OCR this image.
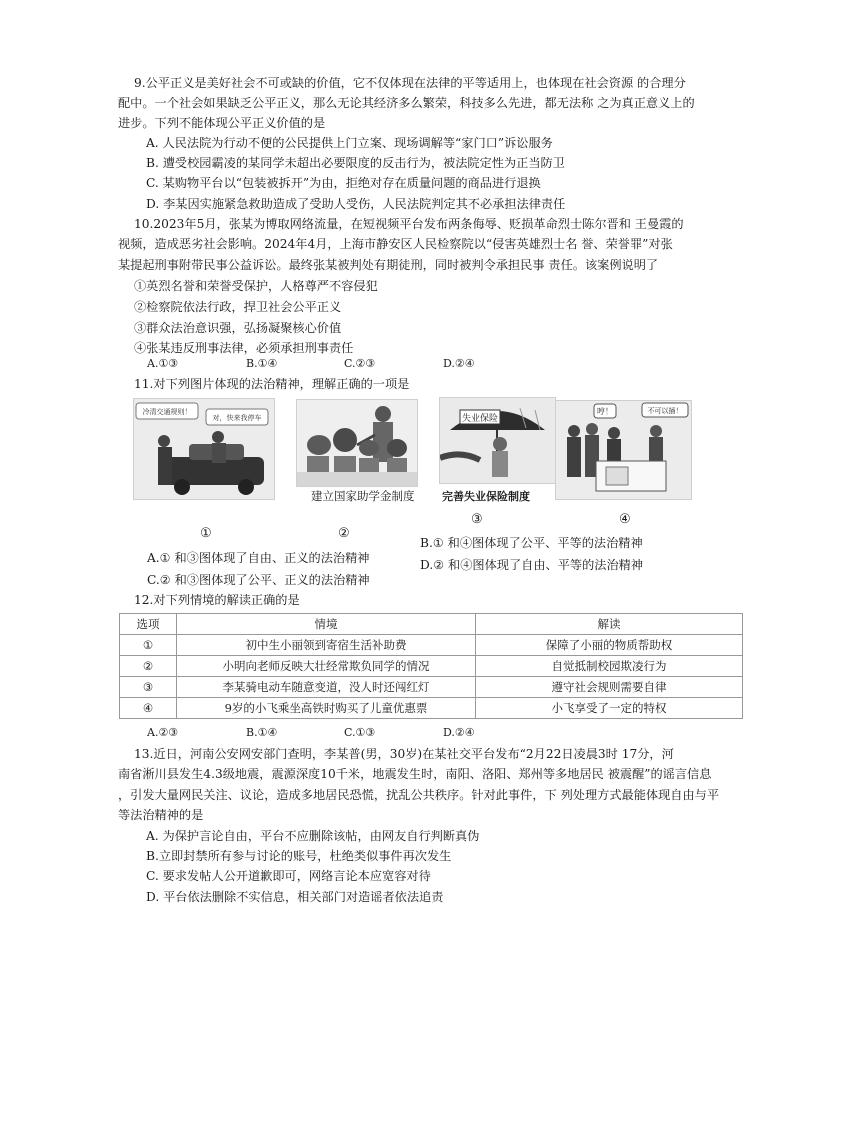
9.公平正义是美好社会不可或缺的价值，它不仅体现在法律的平等适用上，也体现在社会资源 的合理分
配中。一个社会如果缺乏公平正义，那么无论其经济多么繁荣，科技多么先进，都无法称 之为真正意义上的
进步。下列不能体现公平正义价值的是
A. 人民法院为行动不便的公民提供上门立案、现场调解等“家门口”诉讼服务
B. 遭受校园霸凌的某同学未超出必要限度的反击行为，被法院定性为正当防卫
C. 某购物平台以“包装被拆开”为由，拒绝对存在质量问题的商品进行退换
D. 李某因实施紧急救助造成了受助人受伤，人民法院判定其不必承担法律责任
10.2023年5月，张某为博取网络流量，在短视频平台发布两条侮辱、贬损革命烈士陈尔晋和 王曼霞的
视频，造成恶劣社会影响。2024年4月，上海市静安区人民检察院以“侵害英雄烈士名 誉、荣誉罪”对张
某提起刑事附带民事公益诉讼。最终张某被判处有期徒刑，同时被判令承担民事 责任。该案例说明了
①英烈名誉和荣誉受保护，人格尊严不容侵犯
②检察院依法行政，捍卫社会公平正义
③群众法治意识强，弘扬凝聚核心价值
④张某违反刑事法律，必须承担刑事责任
A.①③	B.①④	C.②③	D.②④
11.对下列图片体现的法治精神，理解正确的一项是
冷清交通规则！
对，快来我停车
建立国家助学金制度
失业保险
完善失业保险制度
哼！	不可以插！
①	②
③	④
A.① 和③图体现了自由、正义的法治精神
B.① 和④图体现了公平、平等的法治精神
C.② 和③图体现了公平、正义的法治精神
D.② 和④图体现了自由、平等的法治精神
12.对下列情境的解读正确的是
选项	情境	解读
①	初中生小丽领到寄宿生活补助费	保障了小丽的物质帮助权
②	小明向老师反映大壮经常欺负同学的情况	自觉抵制校园欺凌行为
③	李某骑电动车随意变道，没人时还闯红灯	遵守社会规则需要自律
④	9岁的小飞乘坐高铁时购买了儿童优惠票	小飞享受了一定的特权
A.②③	B.①④	C.①③	D.②④
13.近日，河南公安网安部门查明，李某普(男，30岁)在某社交平台发布“2月22日凌晨3时 17分，河
南省淅川县发生4.3级地震，震源深度10千米，地震发生时，南阳、洛阳、郑州等多地居民 被震醒”的谣言信息
，引发大量网民关注、议论，造成多地居民恐慌，扰乱公共秩序。针对此事件，下 列处理方式最能体现自由与平
等法治精神的是
A. 为保护言论自由，平台不应删除该帖，由网友自行判断真伪
B.立即封禁所有参与讨论的账号，杜绝类似事件再次发生
C. 要求发帖人公开道歉即可，网络言论本应宽容对待
D. 平台依法删除不实信息，相关部门对造谣者依法追责
